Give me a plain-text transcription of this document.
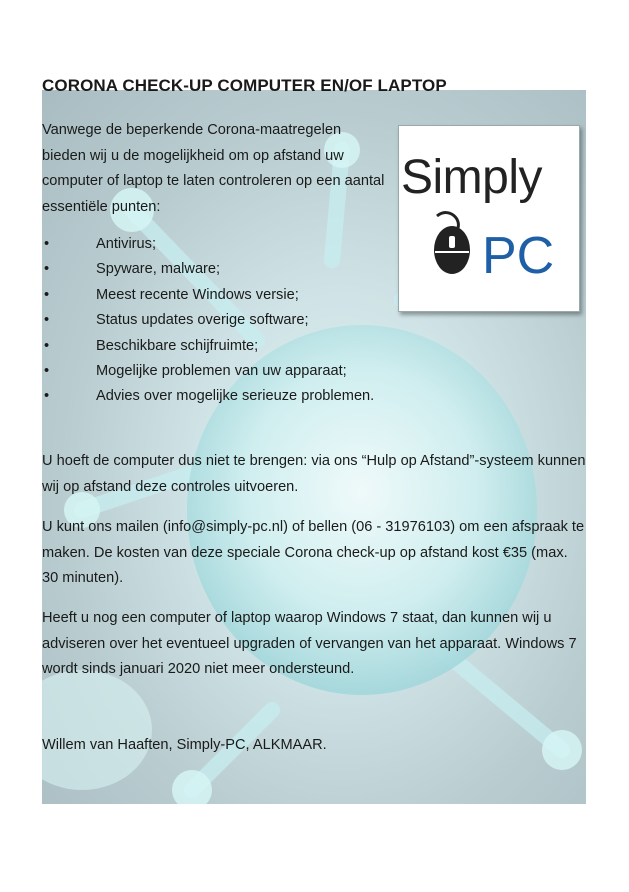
CORONA CHECK-UP COMPUTER EN/OF LAPTOP

Vanwege de beperkende Corona-maatregelen bieden wij u de mogelijkheid om op afstand uw computer of laptop te laten controleren op een aantal essentiële punten:

Simply
PC
•	Antivirus;
•	Spyware, malware;
•	Meest recente Windows versie;
•	Status updates overige software;
•	Beschikbare schijfruimte;
•	Mogelijke problemen van uw apparaat;
•	Advies over mogelijke serieuze problemen.

U hoeft de computer dus niet te brengen: via ons “Hulp op Afstand”-systeem kunnen wij op afstand deze controles uitvoeren.

U kunt ons mailen (info@simply-pc.nl) of bellen (06 - 31976103) om een afspraak te maken. De kosten van deze speciale Corona check-up op afstand kost €35 (max. 30 minuten).

Heeft u nog een computer of laptop waarop Windows 7 staat, dan kunnen wij u adviseren over het eventueel upgraden of vervangen van het apparaat. Windows 7 wordt sinds januari 2020 niet meer ondersteund.

Willem van Haaften, Simply-PC, ALKMAAR.
